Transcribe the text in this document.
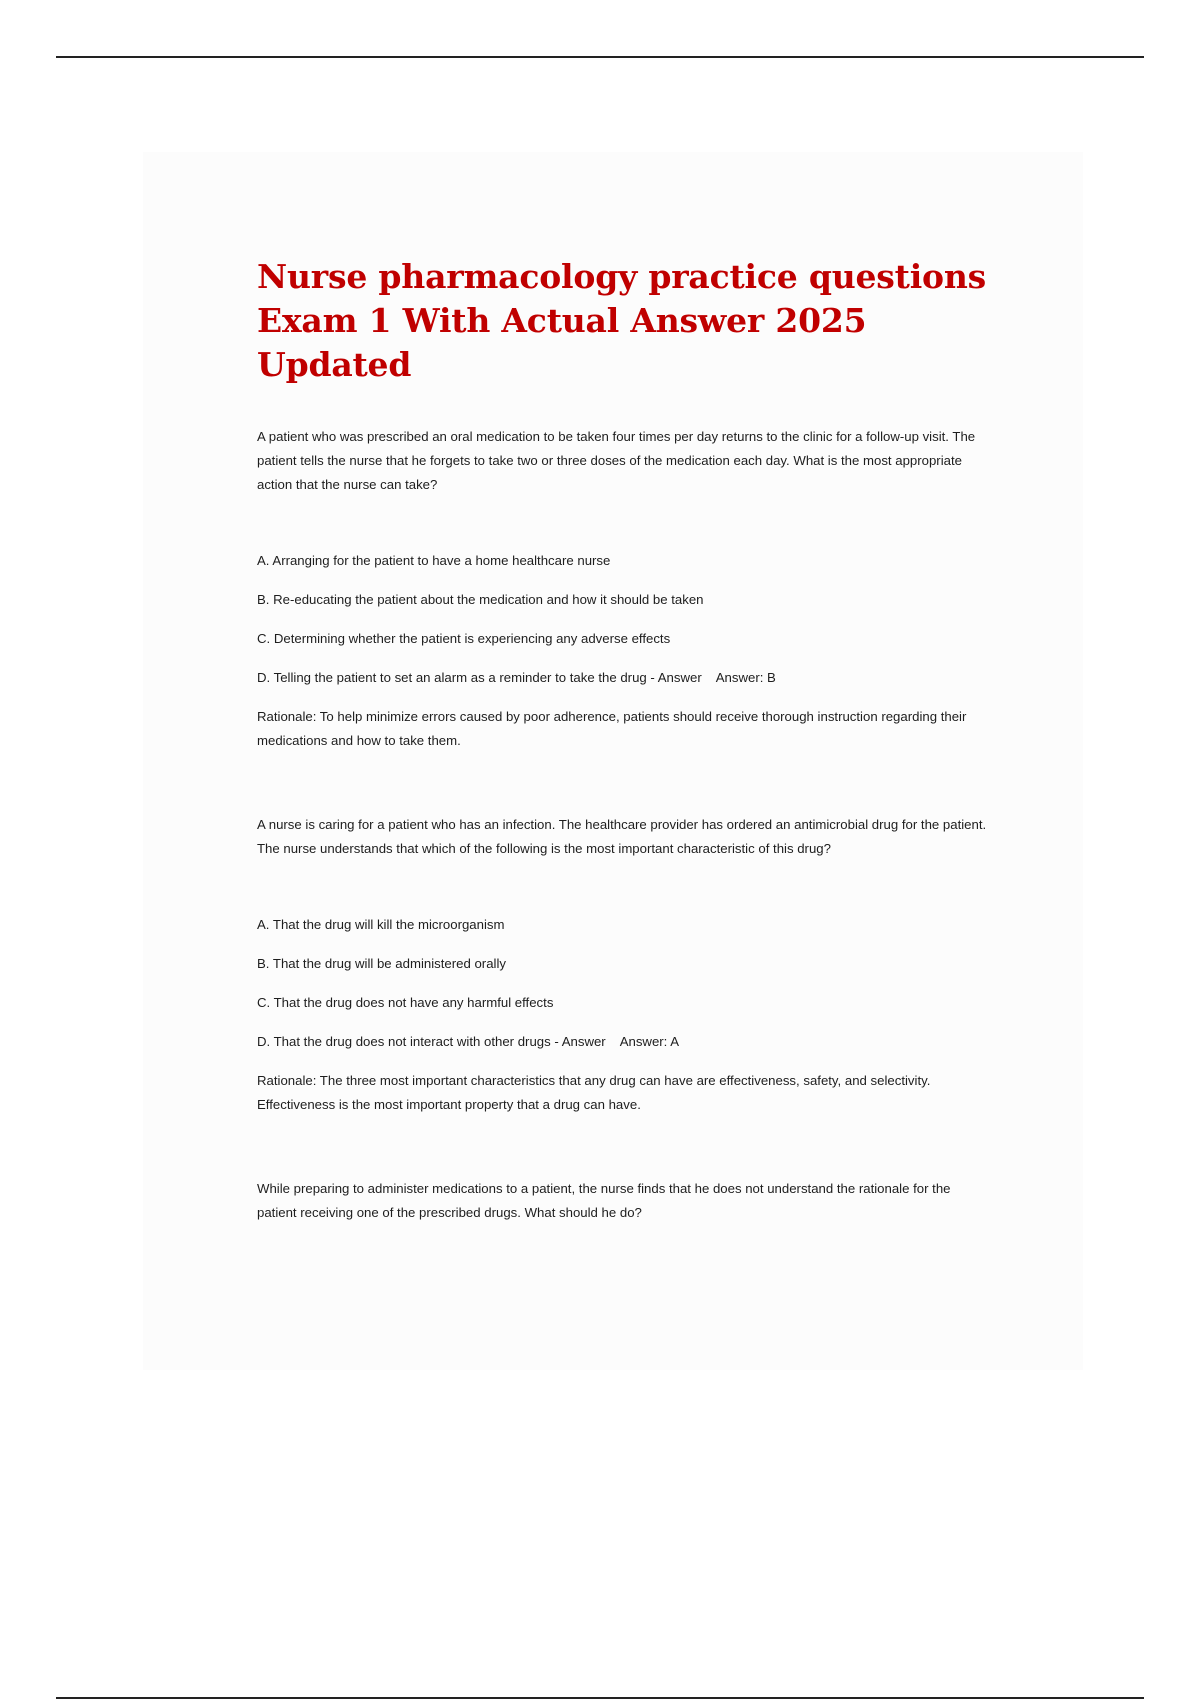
Nurse pharmacology practice questions
Exam 1 With Actual Answer 2025 Updated

A patient who was prescribed an oral medication to be taken four times per day returns to the clinic for a follow-up visit. The patient tells the nurse that he forgets to take two or three doses of the medication each day. What is the most appropriate action that the nurse can take?

A. Arranging for the patient to have a home healthcare nurse

B. Re-educating the patient about the medication and how it should be taken

C. Determining whether the patient is experiencing any adverse effects

D. Telling the patient to set an alarm as a reminder to take the drug - Answer Answer: B

Rationale: To help minimize errors caused by poor adherence, patients should receive thorough instruction regarding their medications and how to take them.

A nurse is caring for a patient who has an infection. The healthcare provider has ordered an antimicrobial drug for the patient. The nurse understands that which of the following is the most important characteristic of this drug?

A. That the drug will kill the microorganism

B. That the drug will be administered orally

C. That the drug does not have any harmful effects

D. That the drug does not interact with other drugs - Answer Answer: A

Rationale: The three most important characteristics that any drug can have are effectiveness, safety, and selectivity. Effectiveness is the most important property that a drug can have.

While preparing to administer medications to a patient, the nurse finds that he does not understand the rationale for the patient receiving one of the prescribed drugs. What should he do?
